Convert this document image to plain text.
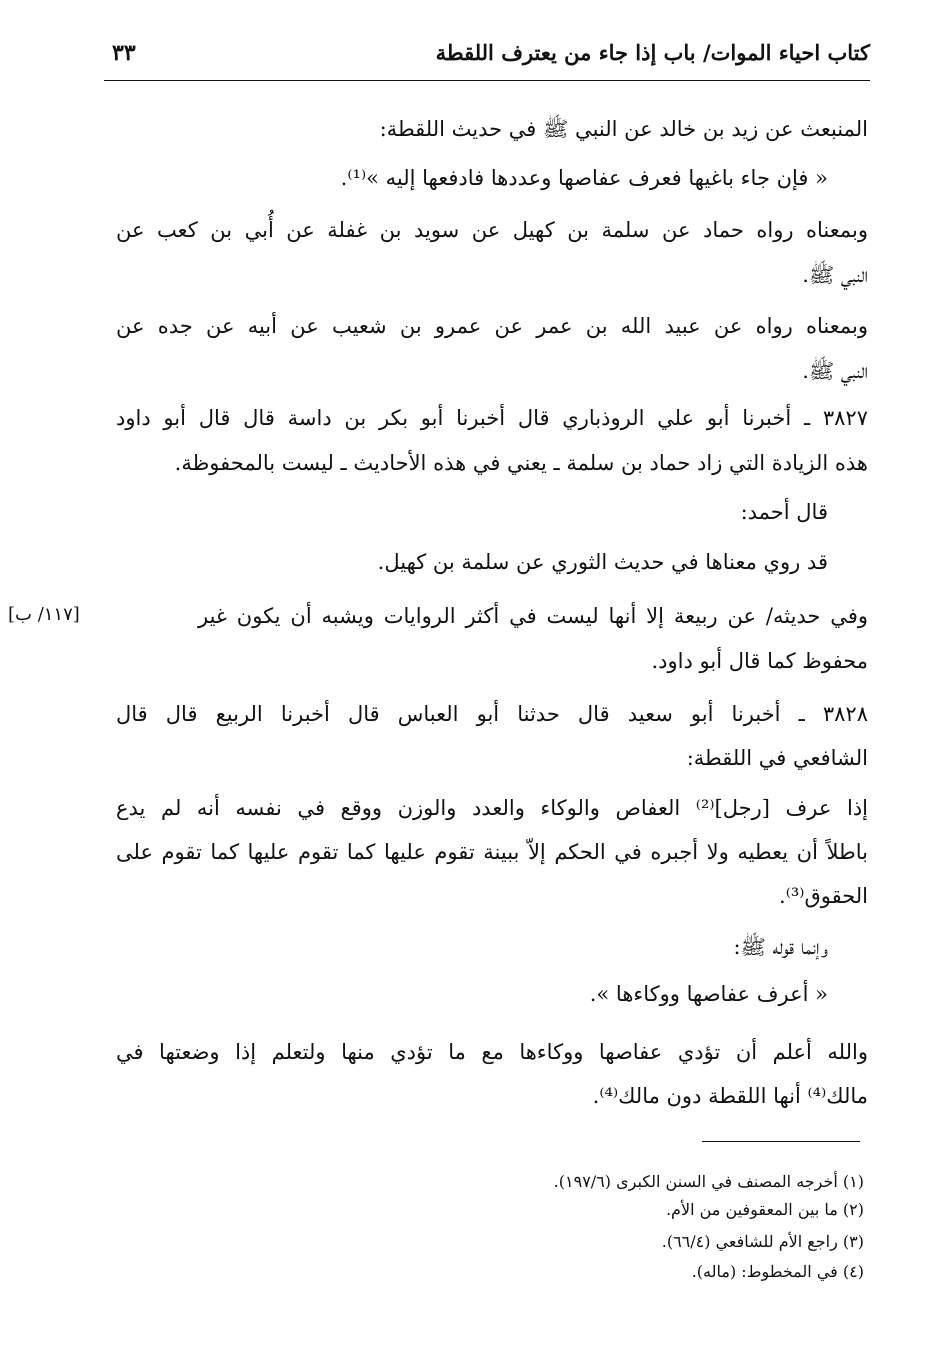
كتاب احياء الموات/ باب إذا جاء من يعترف اللقطة
٣٣
[١١٧/ ب]
المنبعث عن زيد بن خالد عن النبي ﷺ في حديث اللقطة:
« فإن جاء باغيها فعرف عفاصها وعددها فادفعها إليه »⁽¹⁾.
وبمعناه رواه حماد عن سلمة بن كهيل عن سويد بن غفلة عن أُبي بن كعب عن
النبي ﷺ.
وبمعناه رواه عن عبيد الله بن عمر عن عمرو بن شعيب عن أبيه عن جده عن
النبي ﷺ.
٣٨٢٧ ـ أخبرنا أبو علي الروذباري قال أخبرنا أبو بكر بن داسة قال قال أبو داود
هذه الزيادة التي زاد حماد بن سلمة ـ يعني في هذه الأحاديث ـ ليست بالمحفوظة.
قال أحمد:
قد روي معناها في حديث الثوري عن سلمة بن كهيل.
وفي حديثه/ عن ربيعة إلا أنها ليست في أكثر الروايات ويشبه أن يكون غير
محفوظ كما قال أبو داود.
٣٨٢٨ ـ أخبرنا أبو سعيد قال حدثنا أبو العباس قال أخبرنا الربيع قال قال
الشافعي في اللقطة:
إذا عرف [رجل]⁽²⁾ العفاص والوكاء والعدد والوزن ووقع في نفسه أنه لم يدع
باطلاً أن يعطيه ولا أجبره في الحكم إلاّ ببينة تقوم عليها كما تقوم عليها كما تقوم على
الحقوق⁽³⁾.
وإنما قوله ﷺ:
« أعرف عفاصها ووكاءها ».
والله أعلم أن تؤدي عفاصها ووكاءها مع ما تؤدي منها ولتعلم إذا وضعتها في
مالك⁽⁴⁾ أنها اللقطة دون مالك⁽⁴⁾.
(١) أخرجه المصنف في السنن الكبرى (١٩٧/٦).
(٢) ما بين المعقوفين من الأم.
(٣) راجع الأم للشافعي (٦٦/٤).
(٤) في المخطوط: (ماله).
